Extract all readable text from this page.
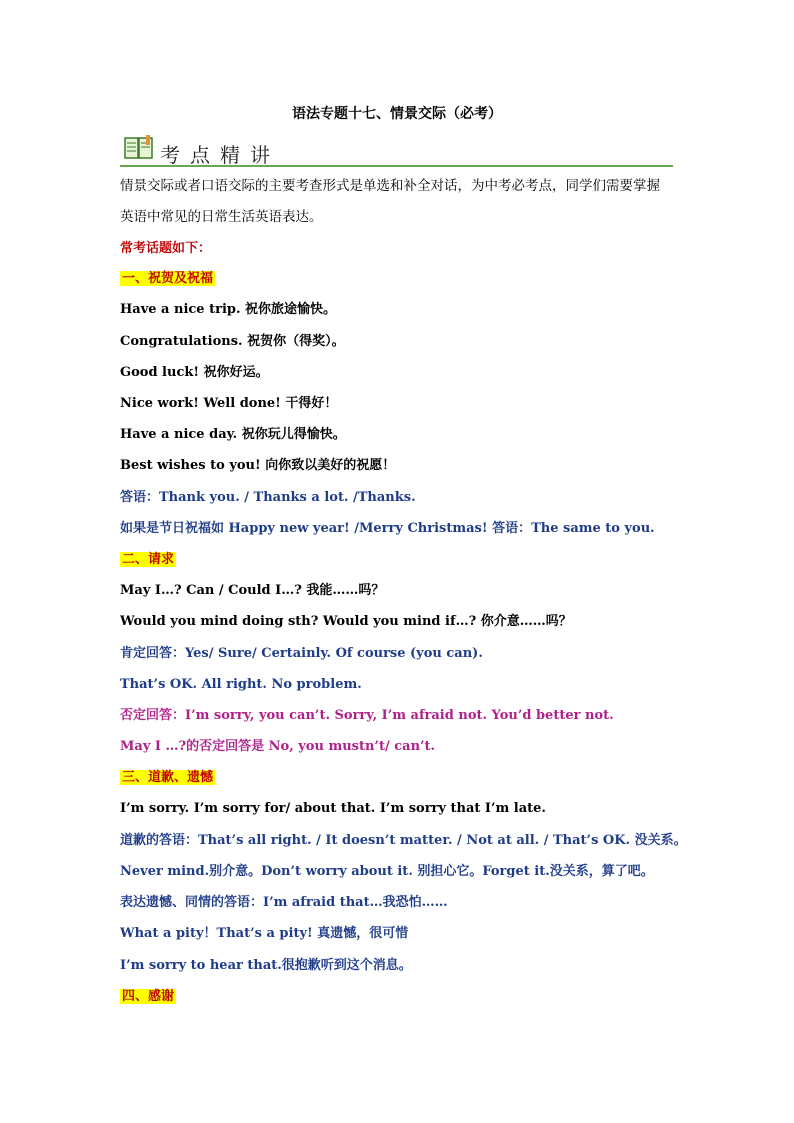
语法专题十七、情景交际（必考）
考点精讲
情景交际或者口语交际的主要考查形式是单选和补全对话，为中考必考点，同学们需要掌握
英语中常见的日常生活英语表达。
常考话题如下：
一、祝贺及祝福
Have a nice trip. 祝你旅途愉快。
Congratulations. 祝贺你（得奖）。
Good luck! 祝你好运。
Nice work! Well done! 干得好！
Have a nice day. 祝你玩儿得愉快。
Best wishes to you! 向你致以美好的祝愿！
答语：Thank you. / Thanks a lot. /Thanks.
如果是节日祝福如 Happy new year! /Merry Christmas! 答语：The same to you.
二、请求
May I…? Can / Could I…? 我能……吗？
Would you mind doing sth? Would you mind if…? 你介意……吗？
肯定回答：Yes/ Sure/ Certainly. Of course (you can).
That’s OK. All right. No problem.
否定回答：I’m sorry, you can’t. Sorry, I’m afraid not. You’d better not.
May I …?的否定回答是 No, you mustn’t/ can’t.
三、道歉、遗憾
I’m sorry. I’m sorry for/ about that. I’m sorry that I’m late.
道歉的答语：That’s all right. / It doesn’t matter. / Not at all. / That’s OK. 没关系。
Never mind.别介意。Don’t worry about it. 别担心它。Forget it.没关系，算了吧。
表达遗憾、同情的答语：I’m afraid that…我恐怕……
What a pity！That’s a pity! 真遗憾，很可惜
I’m sorry to hear that.很抱歉听到这个消息。
四、感谢
